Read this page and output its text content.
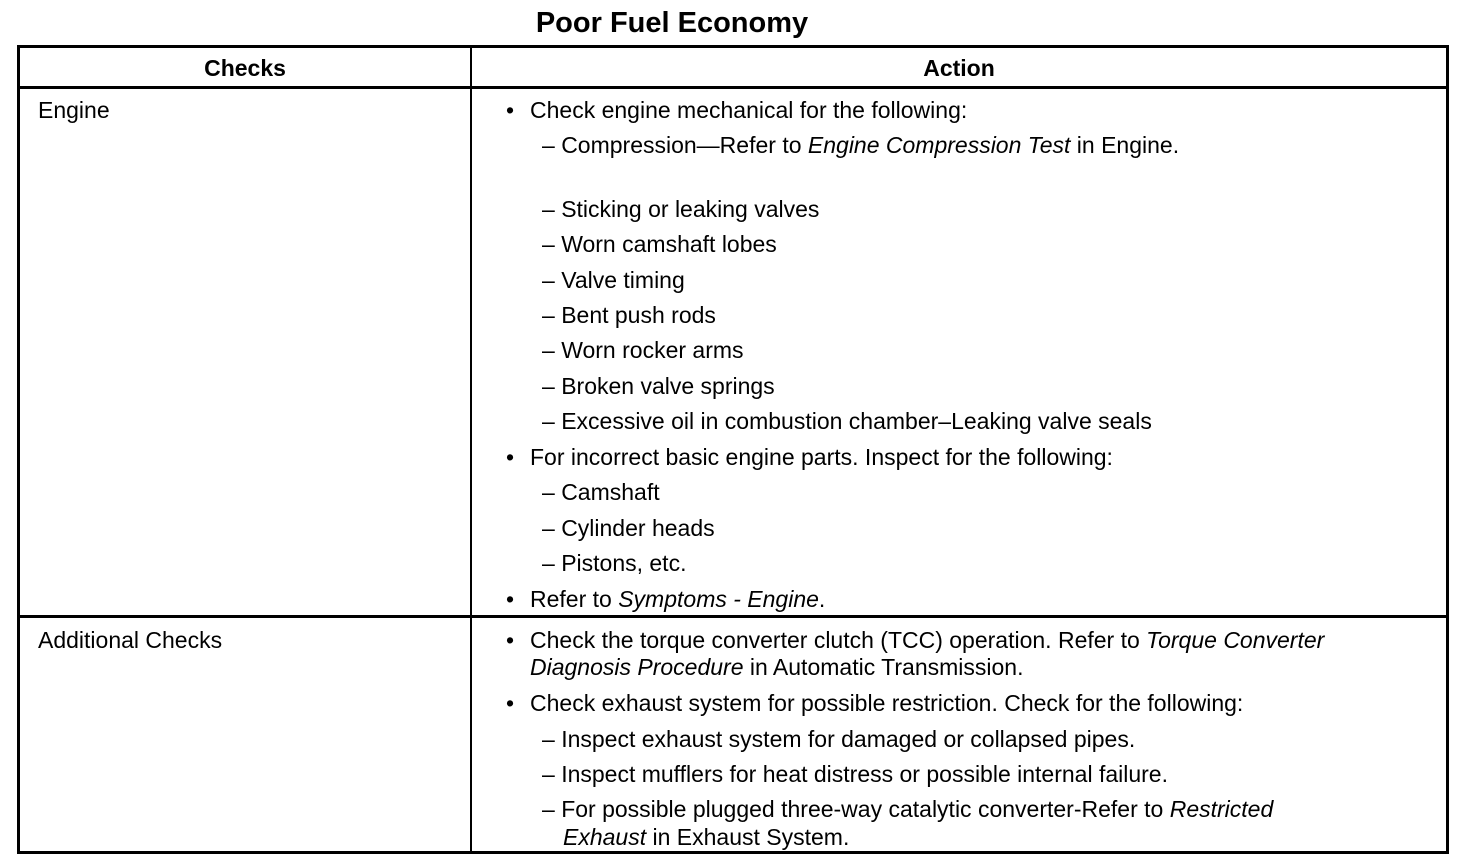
Poor Fuel Economy
Checks	Action
Engine	• Check engine mechanical for the following:
– Compression—Refer to Engine Compression Test in Engine.
– Sticking or leaking valves
– Worn camshaft lobes
– Valve timing
– Bent push rods
– Worn rocker arms
– Broken valve springs
– Excessive oil in combustion chamber–Leaking valve seals
• For incorrect basic engine parts. Inspect for the following:
– Camshaft
– Cylinder heads
– Pistons, etc.
• Refer to Symptoms - Engine.
Additional Checks	• Check the torque converter clutch (TCC) operation. Refer to Torque Converter
Diagnosis Procedure in Automatic Transmission.
• Check exhaust system for possible restriction. Check for the following:
– Inspect exhaust system for damaged or collapsed pipes.
– Inspect mufflers for heat distress or possible internal failure.
– For possible plugged three-way catalytic converter-Refer to Restricted
Exhaust in Exhaust System.
